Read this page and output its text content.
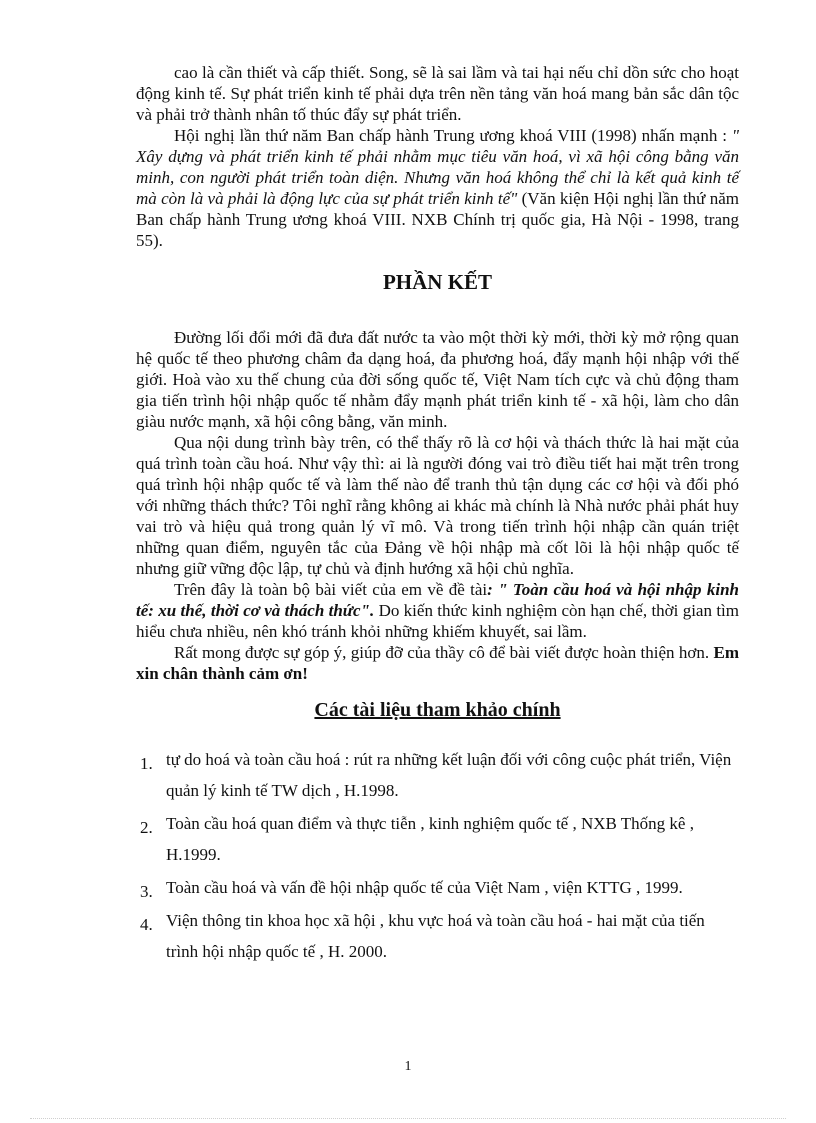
cao là cần thiết và cấp thiết. Song, sẽ là sai lầm và tai hại nếu chỉ dồn sức cho hoạt động kinh tế. Sự phát triển kinh tế phải dựa trên nền tảng văn hoá mang bản sắc dân tộc và phải trở thành nhân tố thúc đẩy sự phát triển.

Hội nghị lần thứ năm Ban chấp hành Trung ương khoá VIII (1998) nhấn mạnh : " Xây dựng và phát triển kinh tế phải nhằm mục tiêu văn hoá, vì xã hội công bằng văn minh, con người phát triển toàn diện. Nhưng văn hoá không thể chỉ là kết quả kinh tế mà còn là và phải là động lực của sự phát triển kinh tế" (Văn kiện Hội nghị lần thứ năm Ban chấp hành Trung ương khoá VIII. NXB Chính trị quốc gia, Hà Nội - 1998, trang 55).

PHẦN KẾT

Đường lối đổi mới đã đưa đất nước ta vào một thời kỳ mới, thời kỳ mở rộng quan hệ quốc tế theo phương châm đa dạng hoá, đa phương hoá, đẩy mạnh hội nhập với thế giới. Hoà vào xu thế chung của đời sống quốc tế, Việt Nam tích cực và chủ động tham gia tiến trình hội nhập quốc tế nhằm đẩy mạnh phát triển kinh tế - xã hội, làm cho dân giàu nước mạnh, xã hội công bằng, văn minh.

Qua nội dung trình bày trên, có thể thấy rõ là cơ hội và thách thức là hai mặt của quá trình toàn cầu hoá. Như vậy thì: ai là người đóng vai trò điều tiết hai mặt trên trong quá trình hội nhập quốc tế và làm thế nào để tranh thủ tận dụng các cơ hội và đối phó với những thách thức? Tôi nghĩ rằng không ai khác mà chính là Nhà nước phải phát huy vai trò và hiệu quả trong quản lý vĩ mô. Và trong tiến trình hội nhập cần quán triệt những quan điểm, nguyên tắc của Đảng về hội nhập mà cốt lõi là hội nhập quốc tế nhưng giữ vững độc lập, tự chủ và định hướng xã hội chủ nghĩa.

Trên đây là toàn bộ bài viết của em về đề tài: " Toàn cầu hoá và hội nhập kinh tế: xu thế, thời cơ và thách thức". Do kiến thức kinh nghiệm còn hạn chế, thời gian tìm hiểu chưa nhiều, nên khó tránh khỏi những khiếm khuyết, sai lầm.

Rất mong được sự góp ý, giúp đỡ của thầy cô để bài viết được hoàn thiện hơn. Em xin chân thành cảm ơn!

Các tài liệu tham khảo chính
1. tự do hoá và toàn cầu hoá : rút ra những kết luận đối với công cuộc phát triển, Viện quản lý kinh tế TW dịch , H.1998.
2. Toàn cầu hoá quan điểm và thực tiễn , kinh nghiệm quốc tế , NXB Thống kê , H.1999.
3. Toàn cầu hoá và vấn đề hội nhập quốc tế của Việt Nam , viện KTTG , 1999.
4. Viện thông tin khoa học xã hội , khu vực hoá và toàn cầu hoá - hai mặt của tiến trình hội nhập quốc tế , H. 2000.
1
